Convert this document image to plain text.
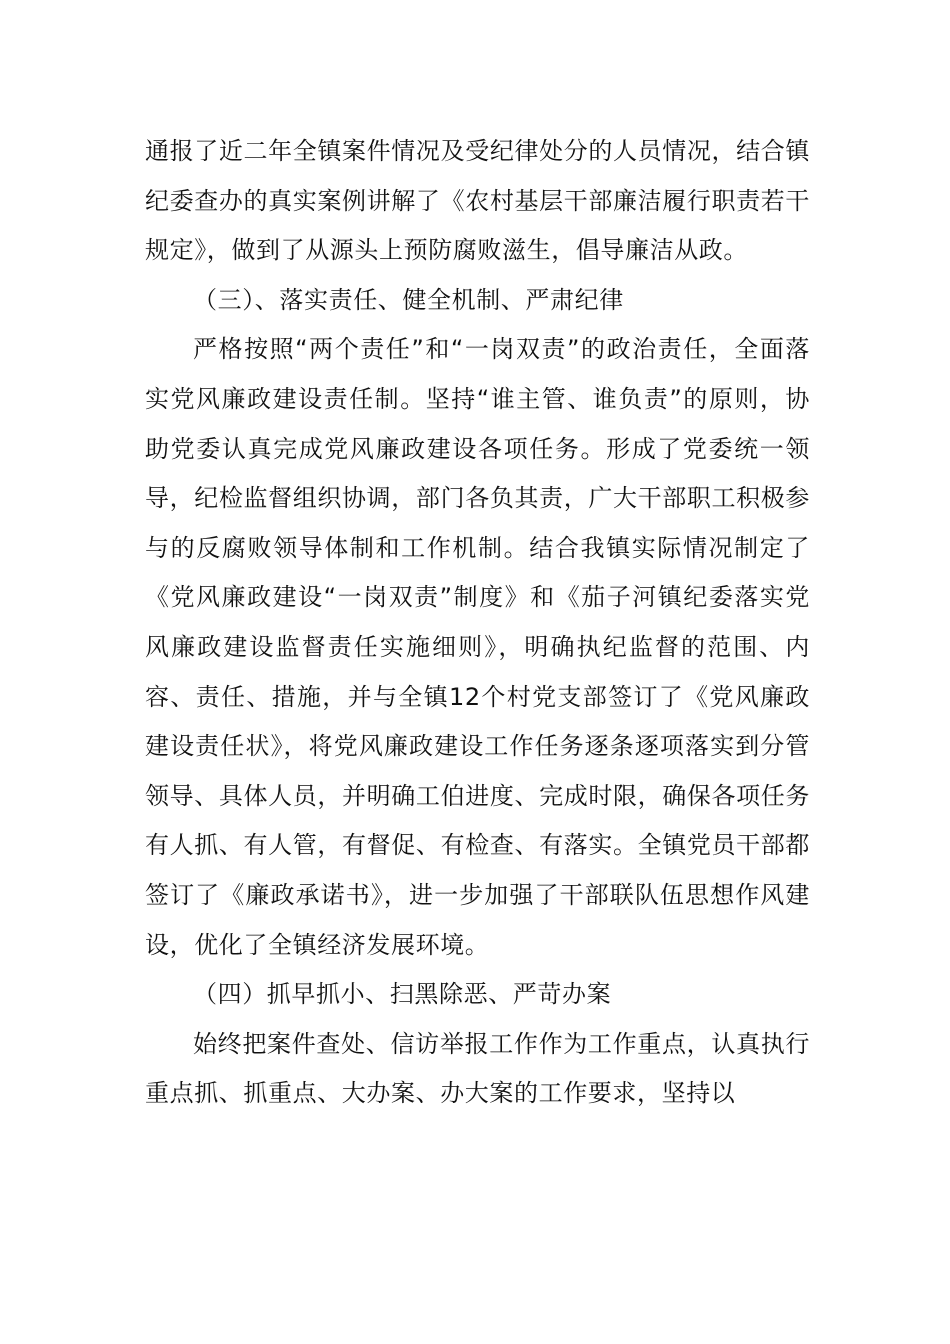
通报了近二年全镇案件情况及受纪律处分的人员情况，结合镇纪委查办的真实案例讲解了《农村基层干部廉洁履行职责若干规定》，做到了从源头上预防腐败滋生，倡导廉洁从政。

（三）、落实责任、健全机制、严肃纪律

严格按照“两个责任”和“一岗双责”的政治责任，全面落实党风廉政建设责任制。坚持“谁主管、谁负责”的原则，协助党委认真完成党风廉政建设各项任务。形成了党委统一领导，纪检监督组织协调，部门各负其责，广大干部职工积极参与的反腐败领导体制和工作机制。结合我镇实际情况制定了《党风廉政建设“一岗双责”制度》和《茄子河镇纪委落实党风廉政建设监督责任实施细则》，明确执纪监督的范围、内容、责任、措施，并与全镇12个村党支部签订了《党风廉政建设责任状》，将党风廉政建设工作任务逐条逐项落实到分管领导、具体人员，并明确工伯进度、完成时限，确保各项任务有人抓、有人管，有督促、有检查、有落实。全镇党员干部都签订了《廉政承诺书》，进一步加强了干部联队伍思想作风建设，优化了全镇经济发展环境。

（四）抓早抓小、扫黑除恶、严苛办案

始终把案件查处、信访举报工作作为工作重点，认真执行重点抓、抓重点、大办案、办大案的工作要求，坚持以
